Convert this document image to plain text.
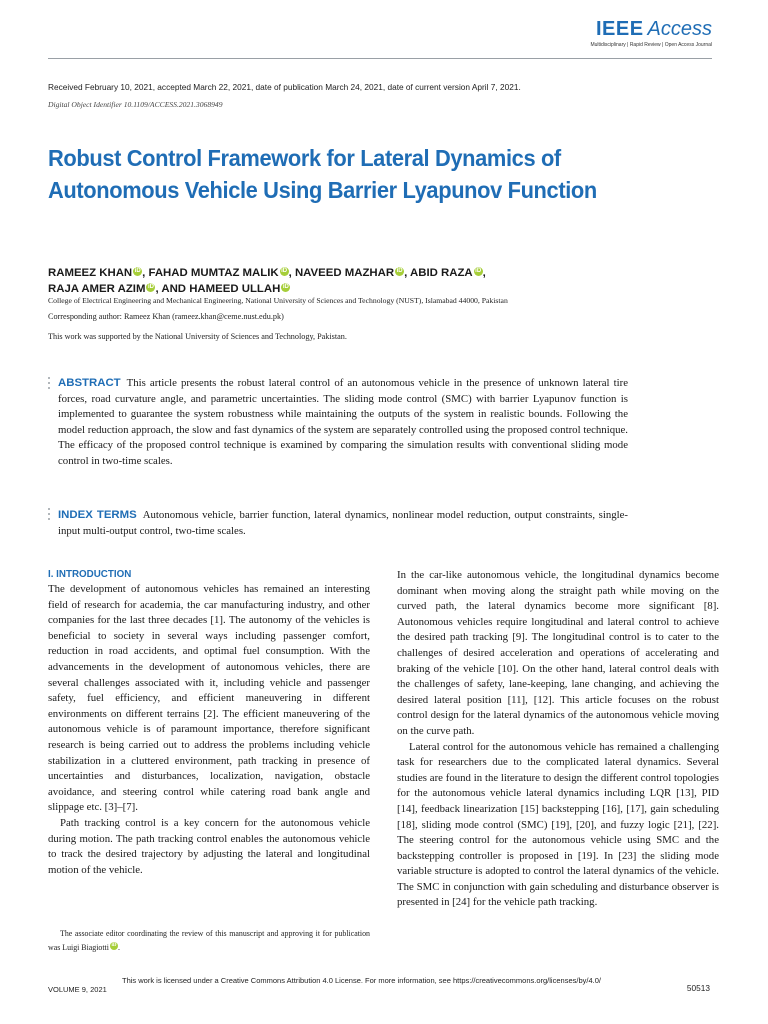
IEEE Access
Multidisciplinary | Rapid Review | Open Access Journal
Received February 10, 2021, accepted March 22, 2021, date of publication March 24, 2021, date of current version April 7, 2021.
Digital Object Identifier 10.1109/ACCESS.2021.3068949
Robust Control Framework for Lateral Dynamics of Autonomous Vehicle Using Barrier Lyapunov Function
RAMEEZ KHAN iD , FAHAD MUMTAZ MALIK iD , NAVEED MAZHAR iD , ABID RAZA iD ,
RAJA AMER AZIM iD , AND HAMEED ULLAH iD
College of Electrical Engineering and Mechanical Engineering, National University of Sciences and Technology (NUST), Islamabad 44000, Pakistan
Corresponding author: Rameez Khan (rameez.khan@ceme.nust.edu.pk)
This work was supported by the National University of Sciences and Technology, Pakistan.
ABSTRACT This article presents the robust lateral control of an autonomous vehicle in the presence of unknown lateral tire forces, road curvature angle, and parametric uncertainties. The sliding mode control (SMC) with barrier Lyapunov function is implemented to guarantee the system robustness while maintaining the outputs of the system in realistic bounds. Following the model reduction approach, the slow and fast dynamics of the system are separately controlled using the proposed control technique. The efficacy of the proposed control technique is examined by comparing the simulation results with conventional sliding mode control in two-time scales.
INDEX TERMS Autonomous vehicle, barrier function, lateral dynamics, nonlinear model reduction, output constraints, single-input multi-output control, two-time scales.
I. INTRODUCTION

The development of autonomous vehicles has remained an interesting field of research for academia, the car manufacturing industry, and other companies for the last three decades [1]. The autonomy of the vehicles is beneficial to society in several ways including passenger comfort, reduction in road accidents, and optimal fuel consumption. With the advancements in the development of autonomous vehicles, there are several challenges associated with it, including vehicle and passenger safety, fuel efficiency, and efficient maneuvering in different environments on different terrains [2]. The efficient maneuvering of the autonomous vehicle is of paramount importance, therefore significant research is being carried out to address the problems including vehicle stabilization in a cluttered environment, path tracking in presence of uncertainties and disturbances, localization, navigation, obstacle avoidance, and steering control while catering road bank angle and slippage etc. [3]–[7].

Path tracking control is a key concern for the autonomous vehicle during motion. The path tracking control enables the autonomous vehicle to track the desired trajectory by adjusting the lateral and longitudinal motion of the vehicle.

In the car-like autonomous vehicle, the longitudinal dynamics become dominant when moving along the straight path while moving on the curved path, the lateral dynamics become more significant [8]. Autonomous vehicles require longitudinal and lateral control to achieve the desired path tracking [9]. The longitudinal control is to cater to the challenges of desired acceleration and operations of accelerating and braking of the vehicle [10]. On the other hand, lateral control deals with the challenges of safety, lane-keeping, lane changing, and achieving the desired lateral position [11], [12]. This article focuses on the robust control design for the lateral dynamics of the autonomous vehicle moving on the curve path.

Lateral control for the autonomous vehicle has remained a challenging task for researchers due to the complicated lateral dynamics. Several studies are found in the literature to design the different control topologies for the autonomous vehicle lateral dynamics including LQR [13], PID [14], feedback linearization [15] backstepping [16], [17], gain scheduling [18], sliding mode control (SMC) [19], [20], and fuzzy logic [21], [22]. The steering control for the autonomous vehicle using SMC and the backstepping controller is proposed in [19]. In [23] the sliding mode variable structure is adopted to control the lateral dynamics of the vehicle. The SMC in conjunction with gain scheduling and disturbance observer is presented in [24] for the vehicle path tracking.

The associate editor coordinating the review of this manuscript and approving it for publication was Luigi Biagiotti iD .
VOLUME 9, 2021
This work is licensed under a Creative Commons Attribution 4.0 License. For more information, see https://creativecommons.org/licenses/by/4.0/
50513
